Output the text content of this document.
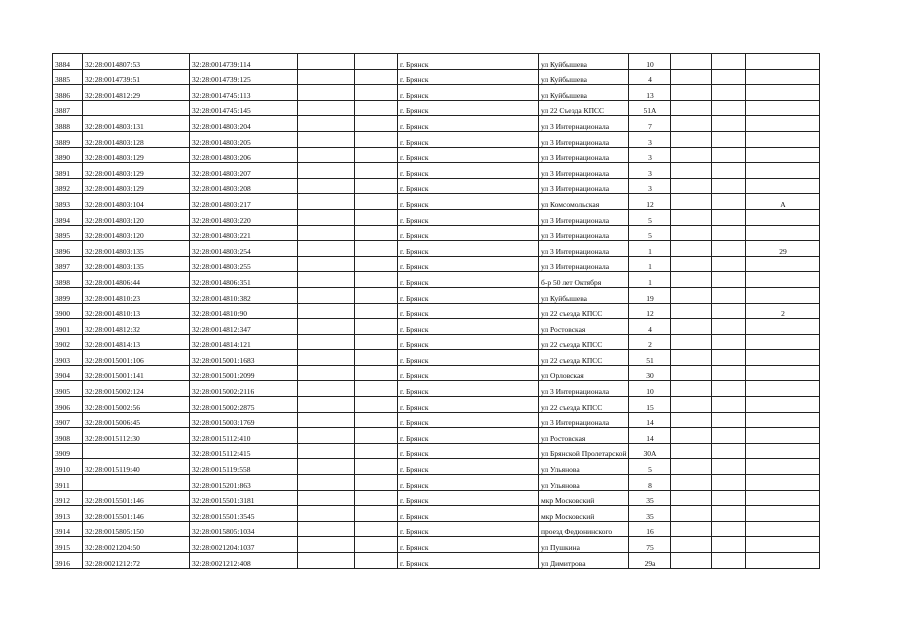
3884	32:28:0014807:53	32:28:0014739:114			г. Брянск	ул Куйбышева	10			
3885	32:28:0014739:51	32:28:0014739:125			г. Брянск	ул Куйбышева	4			
3886	32:28:0014812:29	32:28:0014745:113			г. Брянск	ул Куйбышева	13			
3887		32:28:0014745:145			г. Брянск	ул 22 Съезда КПСС	51А			
3888	32:28:0014803:131	32:28:0014803:204			г. Брянск	ул 3 Интернационала	7			
3889	32:28:0014803:128	32:28:0014803:205			г. Брянск	ул 3 Интернационала	3			
3890	32:28:0014803:129	32:28:0014803:206			г. Брянск	ул 3 Интернационала	3			
3891	32:28:0014803:129	32:28:0014803:207			г. Брянск	ул 3 Интернационала	3			
3892	32:28:0014803:129	32:28:0014803:208			г. Брянск	ул 3 Интернационала	3			
3893	32:28:0014803:104	32:28:0014803:217			г. Брянск	ул Комсомольская	12			А
3894	32:28:0014803:120	32:28:0014803:220			г. Брянск	ул 3 Интернационала	5			
3895	32:28:0014803:120	32:28:0014803:221			г. Брянск	ул 3 Интернационала	5			
3896	32:28:0014803:135	32:28:0014803:254			г. Брянск	ул 3 Интернационала	1			29
3897	32:28:0014803:135	32:28:0014803:255			г. Брянск	ул 3 Интернационала	1			
3898	32:28:0014806:44	32:28:0014806:351			г. Брянск	б-р 50 лет Октября	1			
3899	32:28:0014810:23	32:28:0014810:382			г. Брянск	ул Куйбышева	19			
3900	32:28:0014810:13	32:28:0014810:90			г. Брянск	ул 22 съезда КПСС	12			2
3901	32:28:0014812:32	32:28:0014812:347			г. Брянск	ул Ростовская	4			
3902	32:28:0014814:13	32:28:0014814:121			г. Брянск	ул 22 съезда КПСС	2			
3903	32:28:0015001:106	32:28:0015001:1683			г. Брянск	ул 22 съезда КПСС	51			
3904	32:28:0015001:141	32:28:0015001:2099			г. Брянск	ул Орловская	30			
3905	32:28:0015002:124	32:28:0015002:2116			г. Брянск	ул 3 Интернационала	10			
3906	32:28:0015002:56	32:28:0015002:2875			г. Брянск	ул 22 съезда КПСС	15			
3907	32:28:0015006:45	32:28:0015003:1769			г. Брянск	ул 3 Интернационала	14			
3908	32:28:0015112:30	32:28:0015112:410			г. Брянск	ул Ростовская	14			
3909		32:28:0015112:415			г. Брянск	ул Брянской Пролетарской	30А			
3910	32:28:0015119:40	32:28:0015119:558			г. Брянск	ул Ульянова	5			
3911		32:28:0015201:863			г. Брянск	ул Ульянова	8			
3912	32:28:0015501:146	32:28:0015501:3181			г. Брянск	мкр Московский	35			
3913	32:28:0015501:146	32:28:0015501:3545			г. Брянск	мкр Московский	35			
3914	32:28:0015805:150	32:28:0015805:1034			г. Брянск	проезд Федюнинского	16			
3915	32:28:0021204:50	32:28:0021204:1037			г. Брянск	ул Пушкина	75			
3916	32:28:0021212:72	32:28:0021212:408			г. Брянск	ул Димитрова	29а			
